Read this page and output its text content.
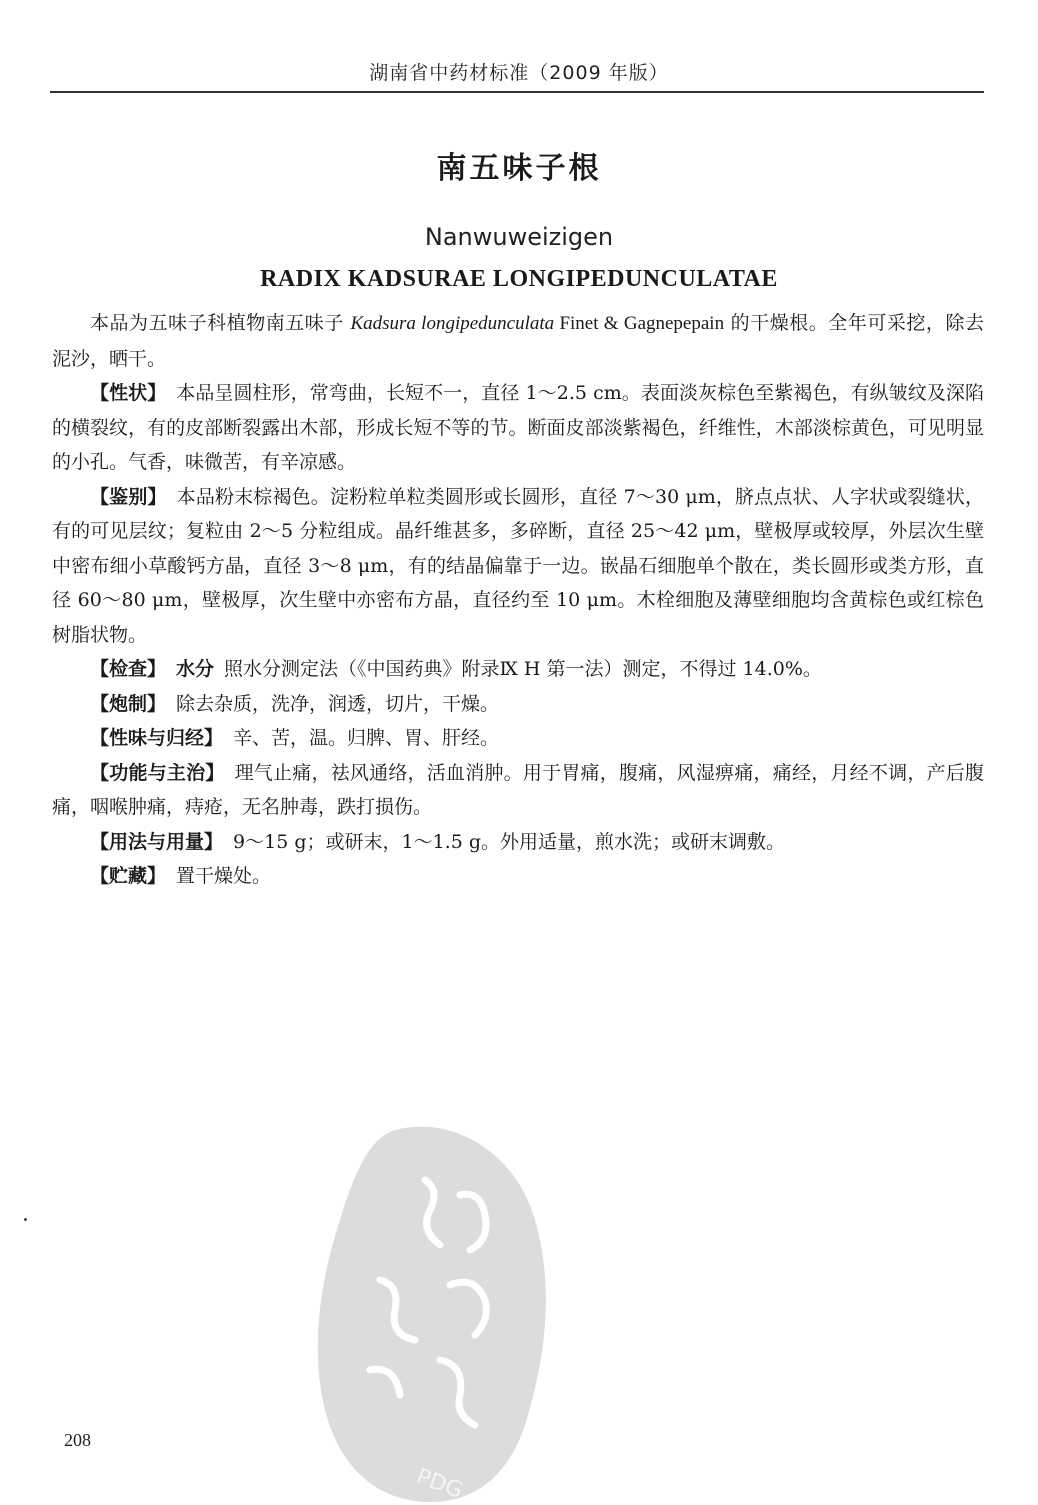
湖南省中药材标准（2009 年版）
南五味子根
Nanwuweizigen
RADIX KADSURAE LONGIPEDUNCULATAE

本品为五味子科植物南五味子 Kadsura longipedunculata Finet & Gagnepepain 的干燥根。全年可采挖，除去泥沙，晒干。

【性状】 本品呈圆柱形，常弯曲，长短不一，直径 1～2.5 cm。表面淡灰棕色至紫褐色，有纵皱纹及深陷的横裂纹，有的皮部断裂露出木部，形成长短不等的节。断面皮部淡紫褐色，纤维性，木部淡棕黄色，可见明显的小孔。气香，味微苦，有辛凉感。

【鉴别】 本品粉末棕褐色。淀粉粒单粒类圆形或长圆形，直径 7～30 μm，脐点点状、人字状或裂缝状，有的可见层纹；复粒由 2～5 分粒组成。晶纤维甚多，多碎断，直径 25～42 μm，壁极厚或较厚，外层次生壁中密布细小草酸钙方晶，直径 3～8 μm，有的结晶偏靠于一边。嵌晶石细胞单个散在，类长圆形或类方形，直径 60～80 μm，壁极厚，次生壁中亦密布方晶，直径约至 10 μm。木栓细胞及薄壁细胞均含黄棕色或红棕色树脂状物。

【检查】 水分 照水分测定法（《中国药典》附录Ⅸ H 第一法）测定，不得过 14.0%。

【炮制】 除去杂质，洗净，润透，切片，干燥。

【性味与归经】 辛、苦，温。归脾、胃、肝经。

【功能与主治】 理气止痛，祛风通络，活血消肿。用于胃痛，腹痛，风湿痹痛，痛经，月经不调，产后腹痛，咽喉肿痛，痔疮，无名肿毒，跌打损伤。

【用法与用量】 9～15 g；或研末，1～1.5 g。外用适量，煎水洗；或研末调敷。

【贮藏】 置干燥处。

PDG
208
